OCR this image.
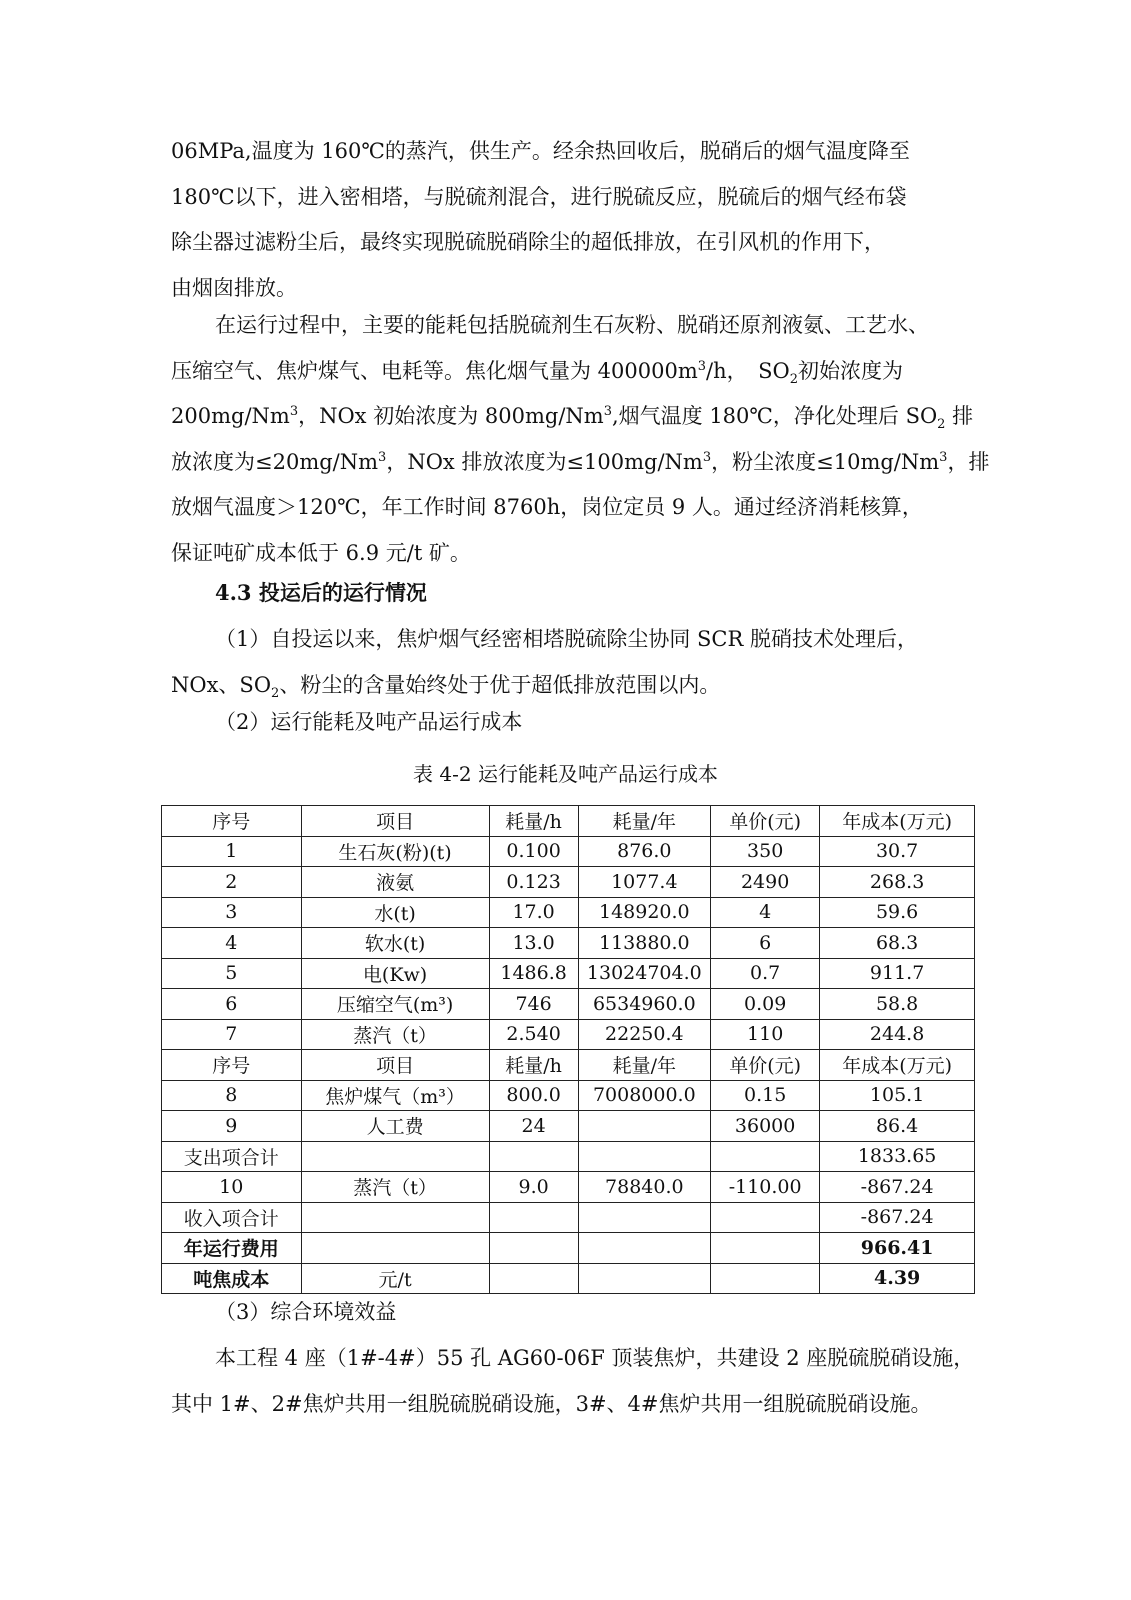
06MPa,温度为 160℃的蒸汽，供生产。经余热回收后，脱硝后的烟气温度降至
180℃以下，进入密相塔，与脱硫剂混合，进行脱硫反应，脱硫后的烟气经布袋
除尘器过滤粉尘后，最终实现脱硫脱硝除尘的超低排放，在引风机的作用下，
由烟囱排放。
在运行过程中，主要的能耗包括脱硫剂生石灰粉、脱硝还原剂液氨、工艺水、
压缩空气、焦炉煤气、电耗等。焦化烟气量为 $400000m^3/h$，　$SO_2$初始浓度为
200mg/Nm$^3$，NOx 初始浓度为 800mg/Nm$^3$,烟气温度 180℃，净化处理后 $SO_2$ 排
放浓度为$\le 20mg/Nm^3$，NOx 排放浓度为$\le 100mg/Nm^3$，粉尘浓度$\le 10mg/Nm^3$，排
放烟气温度＞120℃，年工作时间 8760h，岗位定员 9 人。通过经济消耗核算，
保证吨矿成本低于 6.9 元/t 矿。
4.3 投运后的运行情况
（1）自投运以来，焦炉烟气经密相塔脱硫除尘协同 SCR 脱硝技术处理后，
NOx、$SO_2$、粉尘的含量始终处于优于超低排放范围以内。
（2）运行能耗及吨产品运行成本
表 4-2 运行能耗及吨产品运行成本
序号	项目	耗量/h	耗量/年	单价(元)	年成本(万元)
1	生石灰(粉)(t)	0.100	876.0	350	30.7
2	液氨	0.123	1077.4	2490	268.3
3	水(t)	17.0	148920.0	4	59.6
4	软水(t)	13.0	113880.0	6	68.3
5	电(Kw)	1486.8	13024704.0	0.7	911.7
6	压缩空气(m³)	746	6534960.0	0.09	58.8
7	蒸汽（t）	2.540	22250.4	110	244.8
序号	项目	耗量/h	耗量/年	单价(元)	年成本(万元)
8	焦炉煤气（m³）	800.0	7008000.0	0.15	105.1
9	人工费	24		36000	86.4
支出项合计					1833.65
10	蒸汽（t）	9.0	78840.0	-110.00	-867.24
收入项合计					-867.24
年运行费用					966.41
吨焦成本	元/t				4.39
（3）综合环境效益
本工程 4 座（1#-4#）55 孔 AG60-06F 顶装焦炉，共建设 2 座脱硫脱硝设施，
其中 1#、2#焦炉共用一组脱硫脱硝设施，3#、4#焦炉共用一组脱硫脱硝设施。
